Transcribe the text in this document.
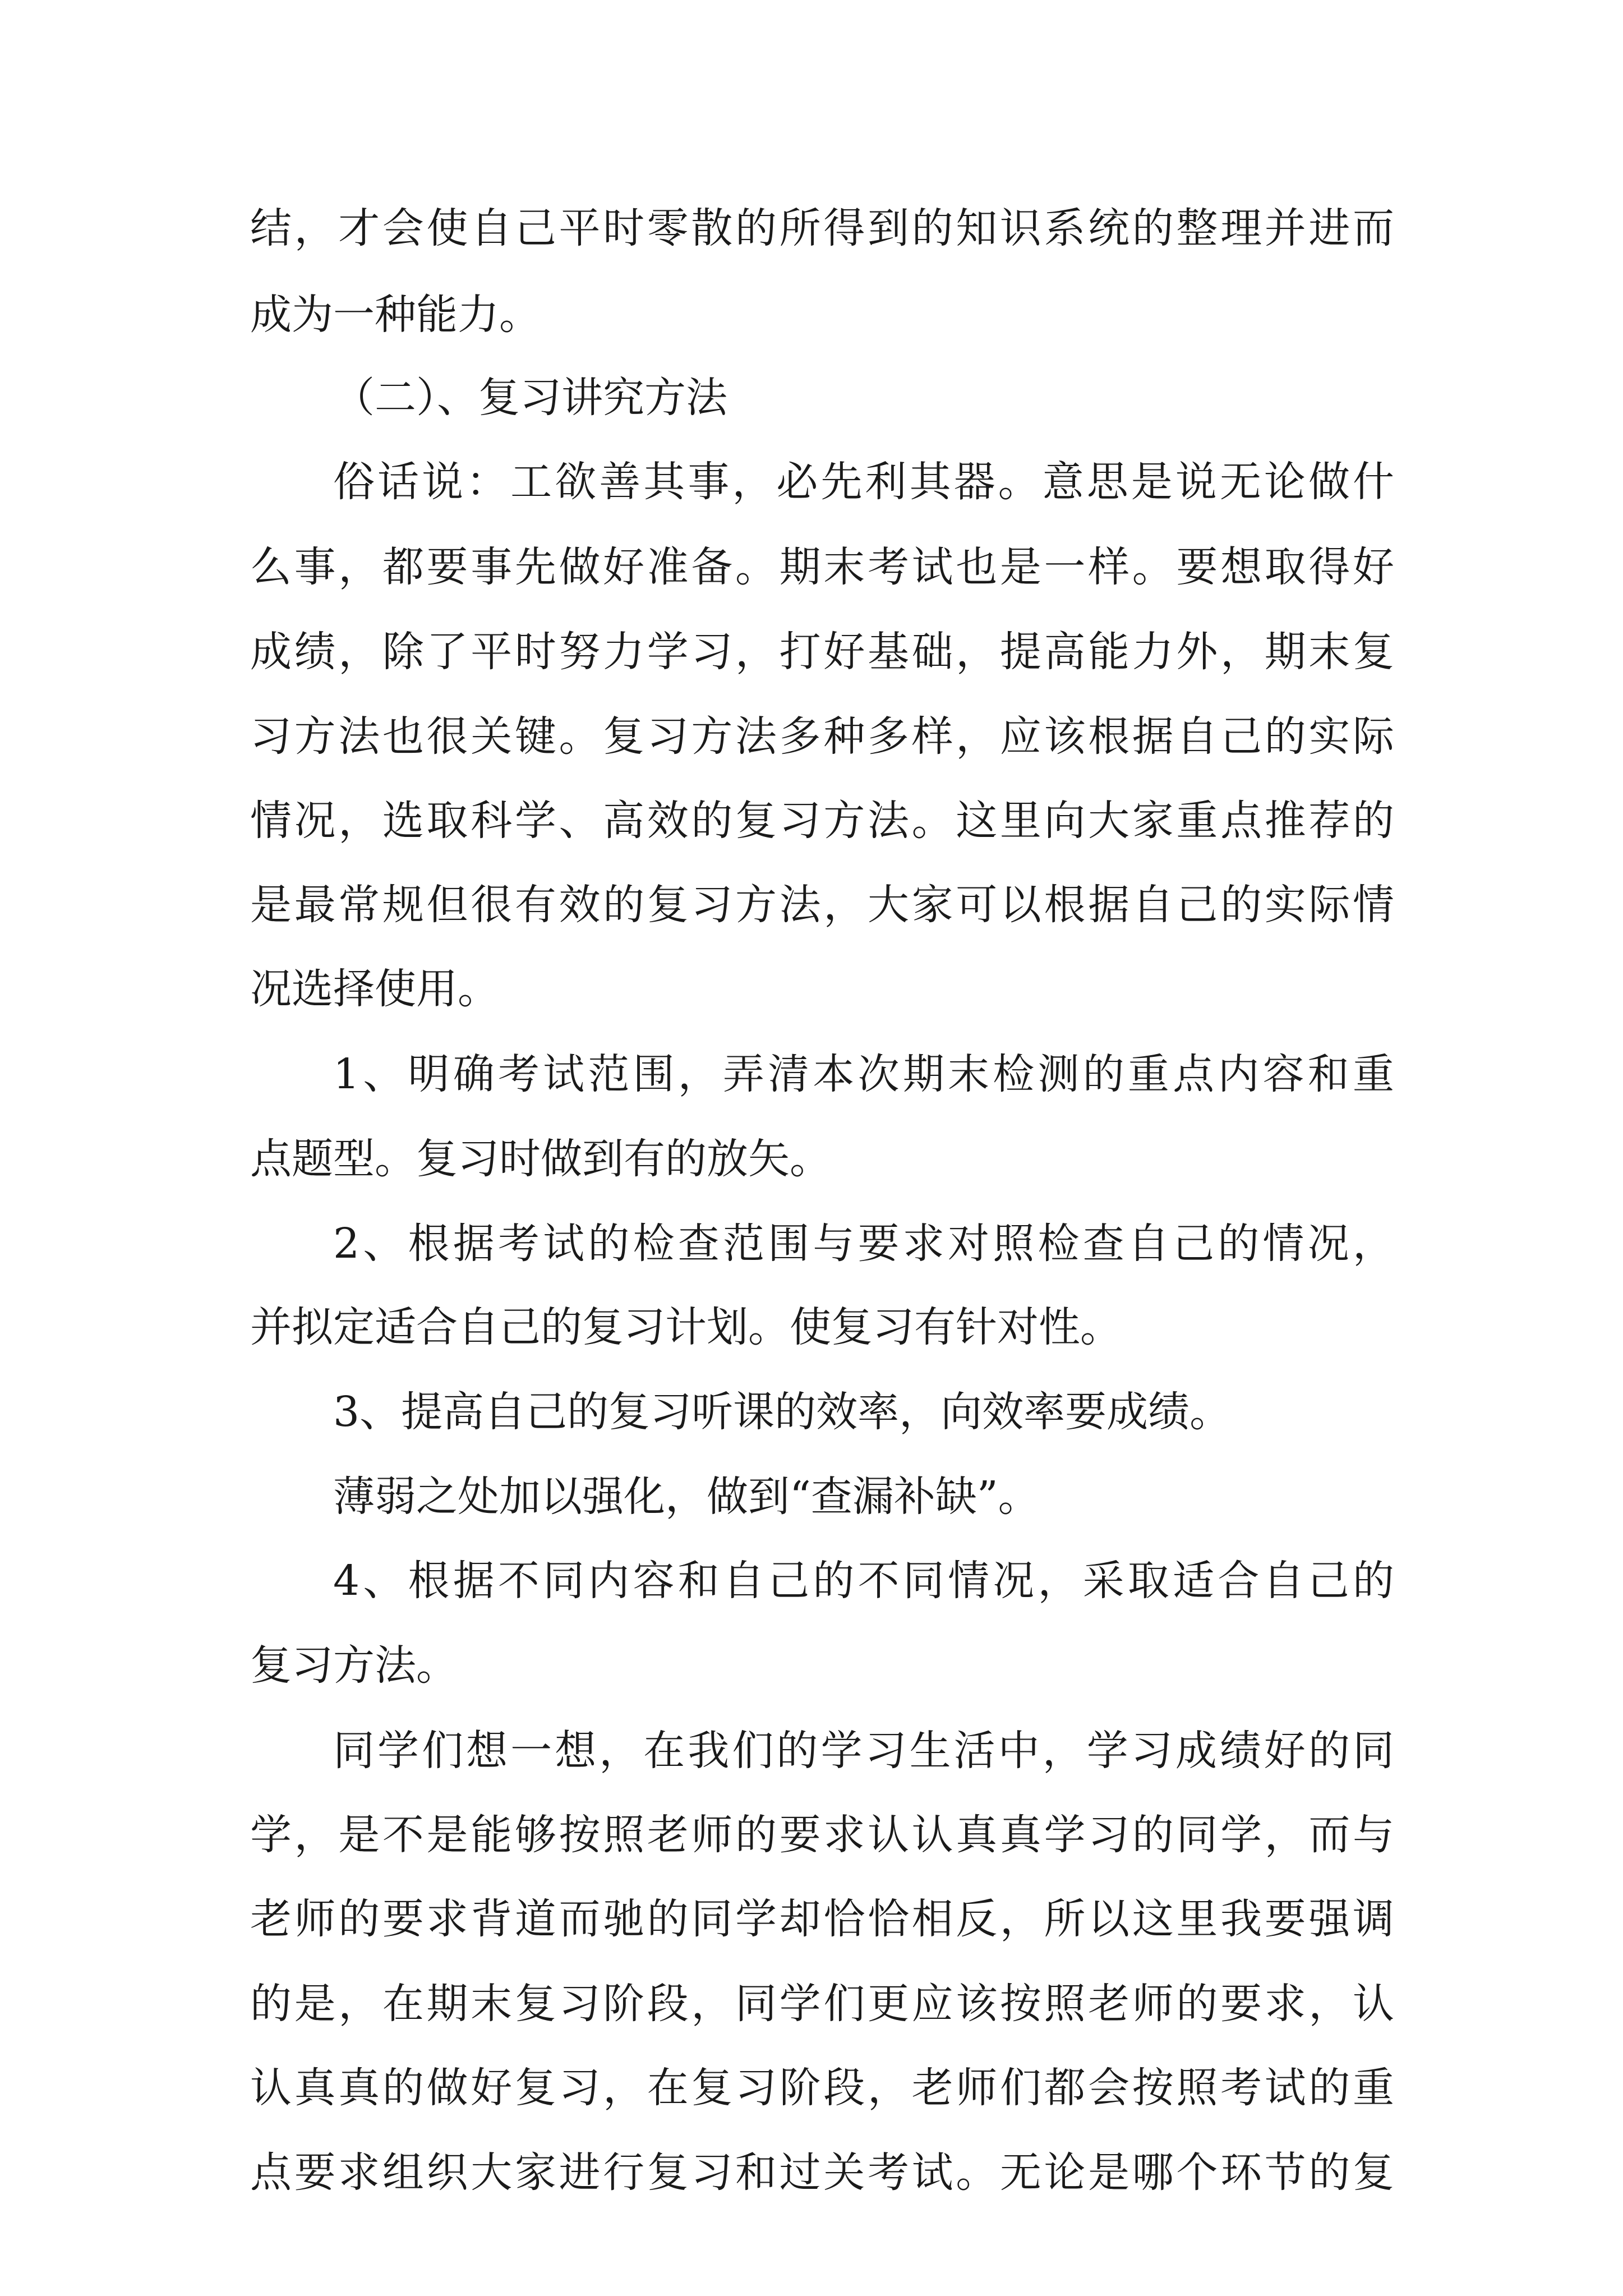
结，才会使自己平时零散的所得到的知识系统的整理并进而
成为一种能力。
（二）、复习讲究方法
俗话说：工欲善其事，必先利其器。意思是说无论做什
么事，都要事先做好准备。期末考试也是一样。要想取得好
成绩，除了平时努力学习，打好基础，提高能力外，期末复
习方法也很关键。复习方法多种多样，应该根据自己的实际
情况，选取科学、高效的复习方法。这里向大家重点推荐的
是最常规但很有效的复习方法，大家可以根据自己的实际情
况选择使用。
1、明确考试范围，弄清本次期末检测的重点内容和重
点题型。复习时做到有的放矢。
2、根据考试的检查范围与要求对照检查自己的情况，
并拟定适合自己的复习计划。使复习有针对性。
3、提高自己的复习听课的效率，向效率要成绩。
薄弱之处加以强化，做到“查漏补缺”。
4、根据不同内容和自己的不同情况，采取适合自己的
复习方法。
同学们想一想，在我们的学习生活中，学习成绩好的同
学，是不是能够按照老师的要求认认真真学习的同学，而与
老师的要求背道而驰的同学却恰恰相反，所以这里我要强调
的是，在期末复习阶段，同学们更应该按照老师的要求，认
认真真的做好复习，在复习阶段，老师们都会按照考试的重
点要求组织大家进行复习和过关考试。无论是哪个环节的复
